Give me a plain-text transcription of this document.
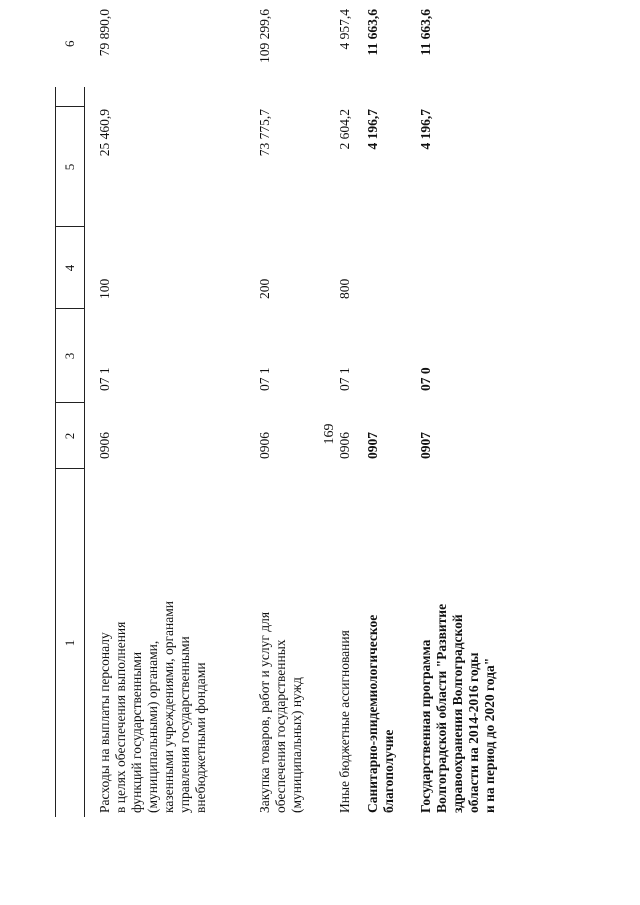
169
1
2
3
4
5
6
Расходы на выплаты персоналу
в целях обеспечения выполнения
функций государственными
(муниципальными) органами,
казенными учреждениями, органами
управления государственными
внебюджетными фондами
0906
07 1
100
25 460,9
79 890,0
Закупка товаров, работ и услуг для
обеспечения государственных
(муниципальных) нужд
0906
07 1
200
73 775,7
109 299,6
Иные бюджетные ассигнования
0906
07 1
800
2 604,2
4 957,4
Санитарно-эпидемиологическое
благополучие
0907
4 196,7
11 663,6
Государственная программа
Волгоградской области "Развитие
здравоохранения Волгоградской
области на 2014-2016 годы
и на период до 2020 года"
0907
07 0
4 196,7
11 663,6
